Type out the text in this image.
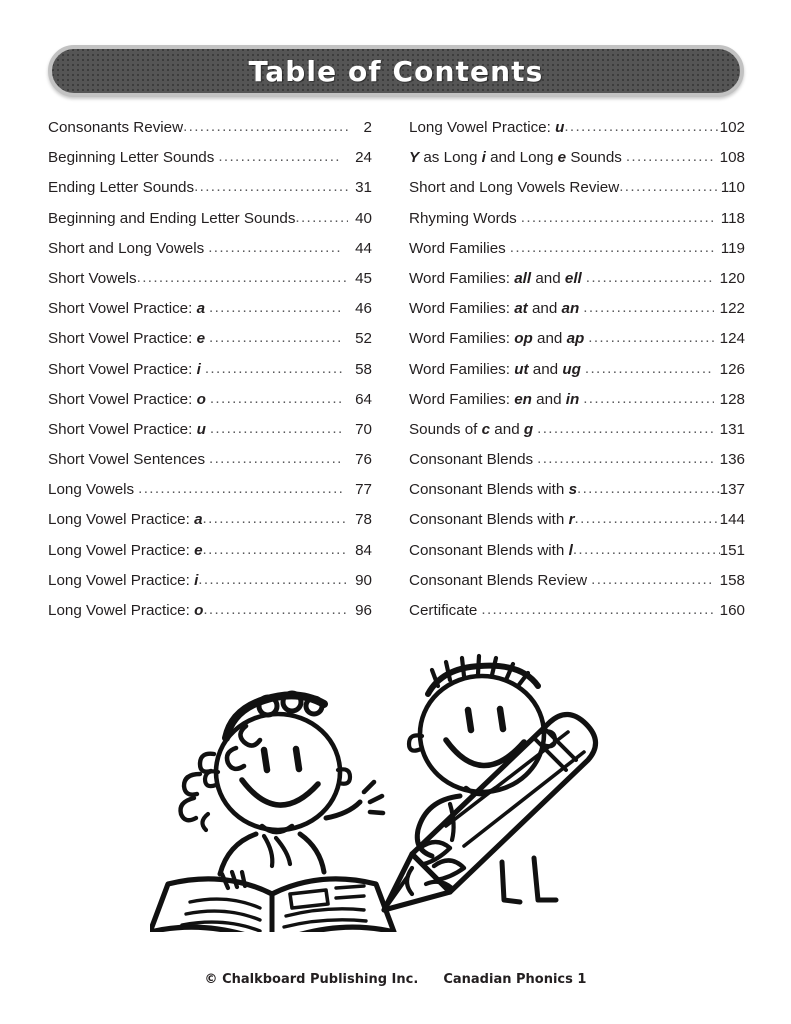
Table of Contents
Consonants Review .....	2
Beginning Letter Sounds .....	24
Ending Letter Sounds .....	31
Beginning and Ending Letter Sounds .....	40
Short and Long Vowels .....	44
Short Vowels .....	45
Short Vowel Practice: a .....	46
Short Vowel Practice: e .....	52
Short Vowel Practice: i .....	58
Short Vowel Practice: o .....	64
Short Vowel Practice: u .....	70
Short Vowel Sentences .....	76
Long Vowels .....	77
Long Vowel Practice: a .....	78
Long Vowel Practice: e .....	84
Long Vowel Practice: i .....	90
Long Vowel Practice: o .....	96
Long Vowel Practice: u .....	102
Y as Long i and Long e Sounds .....	108
Short and Long Vowels Review .....	110
Rhyming Words .....	118
Word Families .....	119
Word Families: all and ell .....	120
Word Families: at and an .....	122
Word Families: op and ap .....	124
Word Families: ut and ug .....	126
Word Families: en and in .....	128
Sounds of c and g .....	131
Consonant Blends .....	136
Consonant Blends with s .....	137
Consonant Blends with r .....	144
Consonant Blends with l .....	151
Consonant Blends Review .....	158
Certificate .....	160
© Chalkboard Publishing Inc. Canadian Phonics 1
